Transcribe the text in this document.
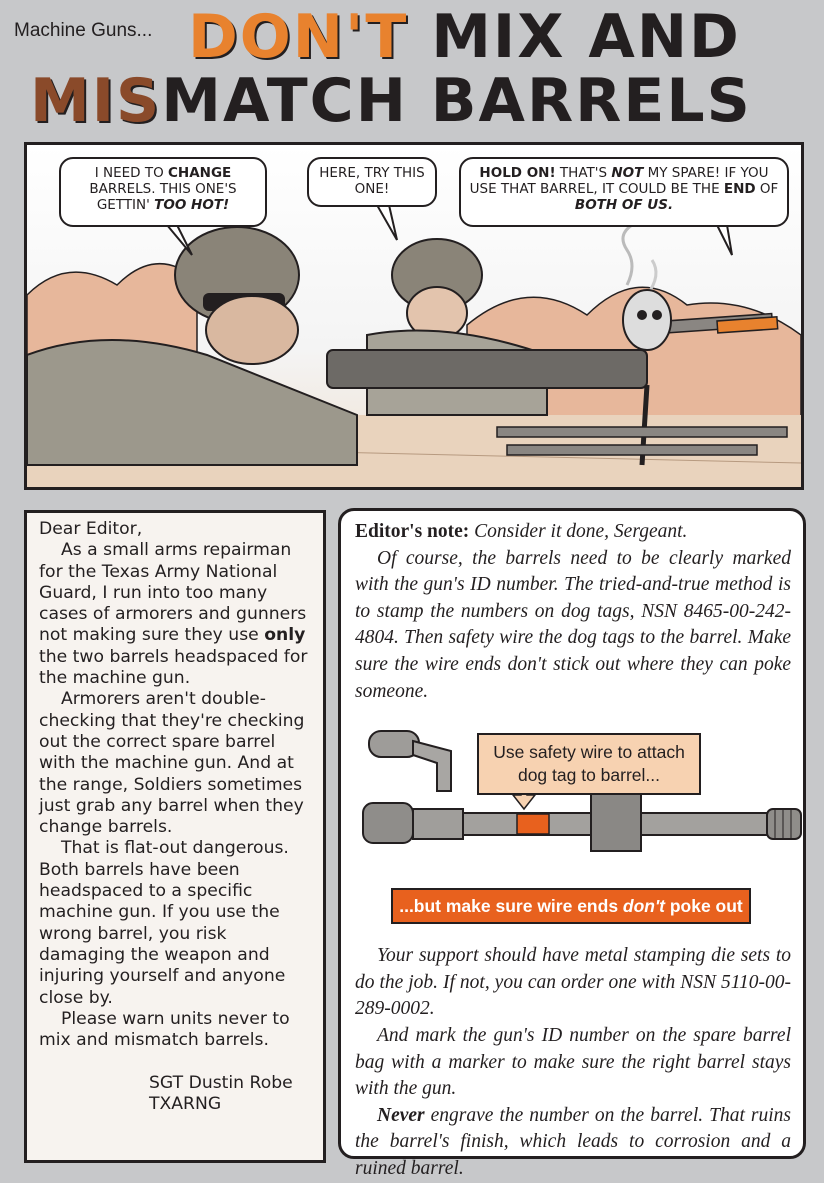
Machine Guns... DON'T MIX AND
MISMATCH BARRELS
I NEED TO CHANGE BARRELS. THIS ONE'S GETTIN' TOO HOT!
HERE, TRY THIS ONE!
HOLD ON! THAT'S NOT MY SPARE! IF YOU USE THAT BARREL, IT COULD BE THE END OF BOTH OF US.

Dear Editor,

As a small arms repairman for the Texas Army National Guard, I run into too many cases of armorers and gunners not making sure they use only the two barrels headspaced for the machine gun.

Armorers aren't double-checking that they're checking out the correct spare barrel with the machine gun. And at the range, Soldiers sometimes just grab any barrel when they change barrels.

That is flat-out dangerous. Both barrels have been headspaced to a specific machine gun. If you use the wrong barrel, you risk damaging the weapon and injuring yourself and anyone close by.

Please warn units never to mix and mismatch barrels.

SGT Dustin Robe
TXARNG

Editor's note: Consider it done, Sergeant.

Of course, the barrels need to be clearly marked with the gun's ID number. The tried-and-true method is to stamp the numbers on dog tags, NSN 8465-00-242-4804. Then safety wire the dog tags to the barrel. Make sure the wire ends don't stick out where they can poke someone.

Use safety wire to attach dog tag to barrel...
...but make sure wire ends don't poke out

Your support should have metal stamping die sets to do the job. If not, you can order one with NSN 5110-00-289-0002.

And mark the gun's ID number on the spare barrel bag with a marker to make sure the right barrel stays with the gun.

Never engrave the number on the barrel. That ruins the barrel's finish, which leads to corrosion and a ruined barrel.
